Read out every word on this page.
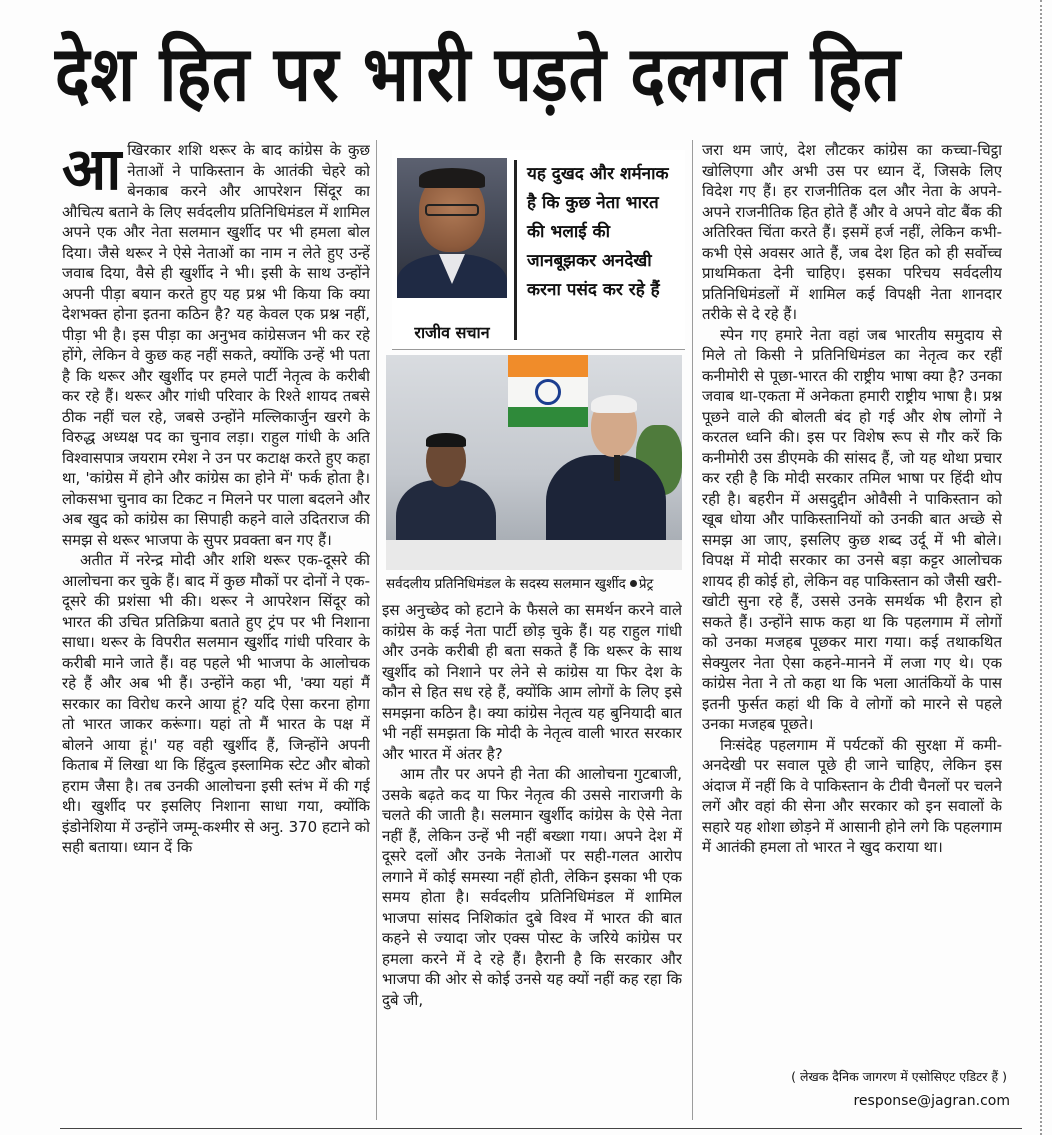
देश हित पर भारी पड़ते दलगत हित

आखिरकार शशि थरूर के बाद कांग्रेस के कुछ नेताओं ने पाकिस्तान के आतंकी चेहरे को बेनकाब करने और आपरेशन सिंदूर का औचित्य बताने के लिए सर्वदलीय प्रतिनिधिमंडल में शामिल अपने एक और नेता सलमान खुर्शीद पर भी हमला बोल दिया। जैसे थरूर ने ऐसे नेताओं का नाम न लेते हुए उन्हें जवाब दिया, वैसे ही खुर्शीद ने भी। इसी के साथ उन्होंने अपनी पीड़ा बयान करते हुए यह प्रश्न भी किया कि क्या देशभक्त होना इतना कठिन है? यह केवल एक प्रश्न नहीं, पीड़ा भी है। इस पीड़ा का अनुभव कांग्रेसजन भी कर रहे होंगे, लेकिन वे कुछ कह नहीं सकते, क्योंकि उन्हें भी पता है कि थरूर और खुर्शीद पर हमले पार्टी नेतृत्व के करीबी कर रहे हैं। थरूर और गांधी परिवार के रिश्ते शायद तबसे ठीक नहीं चल रहे, जबसे उन्होंने मल्लिकार्जुन खरगे के विरुद्ध अध्यक्ष पद का चुनाव लड़ा। राहुल गांधी के अति विश्वासपात्र जयराम रमेश ने उन पर कटाक्ष करते हुए कहा था, 'कांग्रेस में होने और कांग्रेस का होने में' फर्क होता है। लोकसभा चुनाव का टिकट न मिलने पर पाला बदलने और अब खुद को कांग्रेस का सिपाही कहने वाले उदितराज की समझ से थरूर भाजपा के सुपर प्रवक्ता बन गए हैं।

अतीत में नरेन्द्र मोदी और शशि थरूर एक-दूसरे की आलोचना कर चुके हैं। बाद में कुछ मौकों पर दोनों ने एक-दूसरे की प्रशंसा भी की। थरूर ने आपरेशन सिंदूर को भारत की उचित प्रतिक्रिया बताते हुए ट्रंप पर भी निशाना साधा। थरूर के विपरीत सलमान खुर्शीद गांधी परिवार के करीबी माने जाते हैं। वह पहले भी भाजपा के आलोचक रहे हैं और अब भी हैं। उन्होंने कहा भी, 'क्या यहां मैं सरकार का विरोध करने आया हूं? यदि ऐसा करना होगा तो भारत जाकर करूंगा। यहां तो मैं भारत के पक्ष में बोलने आया हूं।' यह वही खुर्शीद हैं, जिन्होंने अपनी किताब में लिखा था कि हिंदुत्व इस्लामिक स्टेट और बोको हराम जैसा है। तब उनकी आलोचना इसी स्तंभ में की गई थी। खुर्शीद पर इसलिए निशाना साधा गया, क्योंकि इंडोनेशिया में उन्होंने जम्मू-कश्मीर से अनु. 370 हटाने को सही बताया। ध्यान दें कि

राजीव सचान
यह दुखद और शर्मनाक है कि कुछ नेता भारत की भलाई की जानबूझकर अनदेखी करना पसंद कर रहे हैं
सर्वदलीय प्रतिनिधिमंडल के सदस्य सलमान खुर्शीद प्रेट्र

इस अनुच्छेद को हटाने के फैसले का समर्थन करने वाले कांग्रेस के कई नेता पार्टी छोड़ चुके हैं। यह राहुल गांधी और उनके करीबी ही बता सकते हैं कि थरूर के साथ खुर्शीद को निशाने पर लेने से कांग्रेस या फिर देश के कौन से हित सध रहे हैं, क्योंकि आम लोगों के लिए इसे समझना कठिन है। क्या कांग्रेस नेतृत्व यह बुनियादी बात भी नहीं समझता कि मोदी के नेतृत्व वाली भारत सरकार और भारत में अंतर है?

आम तौर पर अपने ही नेता की आलोचना गुटबाजी, उसके बढ़ते कद या फिर नेतृत्व की उससे नाराजगी के चलते की जाती है। सलमान खुर्शीद कांग्रेस के ऐसे नेता नहीं हैं, लेकिन उन्हें भी नहीं बख्शा गया। अपने देश में दूसरे दलों और उनके नेताओं पर सही-गलत आरोप लगाने में कोई समस्या नहीं होती, लेकिन इसका भी एक समय होता है। सर्वदलीय प्रतिनिधिमंडल में शामिल भाजपा सांसद निशिकांत दुबे विश्व में भारत की बात कहने से ज्यादा जोर एक्स पोस्ट के जरिये कांग्रेस पर हमला करने में दे रहे हैं। हैरानी है कि सरकार और भाजपा की ओर से कोई उनसे यह क्यों नहीं कह रहा कि दुबे जी,

जरा थम जाएं, देश लौटकर कांग्रेस का कच्चा-चिट्ठा खोलिएगा और अभी उस पर ध्यान दें, जिसके लिए विदेश गए हैं। हर राजनीतिक दल और नेता के अपने-अपने राजनीतिक हित होते हैं और वे अपने वोट बैंक की अतिरिक्त चिंता करते हैं। इसमें हर्ज नहीं, लेकिन कभी-कभी ऐसे अवसर आते हैं, जब देश हित को ही सर्वोच्च प्राथमिकता देनी चाहिए। इसका परिचय सर्वदलीय प्रतिनिधिमंडलों में शामिल कई विपक्षी नेता शानदार तरीके से दे रहे हैं।

स्पेन गए हमारे नेता वहां जब भारतीय समुदाय से मिले तो किसी ने प्रतिनिधिमंडल का नेतृत्व कर रहीं कनीमोरी से पूछा-भारत की राष्ट्रीय भाषा क्या है? उनका जवाब था-एकता में अनेकता हमारी राष्ट्रीय भाषा है। प्रश्न पूछने वाले की बोलती बंद हो गई और शेष लोगों ने करतल ध्वनि की। इस पर विशेष रूप से गौर करें कि कनीमोरी उस डीएमके की सांसद हैं, जो यह थोथा प्रचार कर रही है कि मोदी सरकार तमिल भाषा पर हिंदी थोप रही है। बहरीन में असदुद्दीन ओवैसी ने पाकिस्तान को खूब धोया और पाकिस्तानियों को उनकी बात अच्छे से समझ आ जाए, इसलिए कुछ शब्द उर्दू में भी बोले। विपक्ष में मोदी सरकार का उनसे बड़ा कट्टर आलोचक शायद ही कोई हो, लेकिन वह पाकिस्तान को जैसी खरी-खोटी सुना रहे हैं, उससे उनके समर्थक भी हैरान हो सकते हैं। उन्होंने साफ कहा था कि पहलगाम में लोगों को उनका मजहब पूछकर मारा गया। कई तथाकथित सेक्युलर नेता ऐसा कहने-मानने में लजा गए थे। एक कांग्रेस नेता ने तो कहा था कि भला आतंकियों के पास इतनी फुर्सत कहां थी कि वे लोगों को मारने से पहले उनका मजहब पूछते।

निःसंदेह पहलगाम में पर्यटकों की सुरक्षा में कमी-अनदेखी पर सवाल पूछे ही जाने चाहिए, लेकिन इस अंदाज में नहीं कि वे पाकिस्तान के टीवी चैनलों पर चलने लगें और वहां की सेना और सरकार को इन सवालों के सहारे यह शोशा छोड़ने में आसानी होने लगे कि पहलगाम में आतंकी हमला तो भारत ने खुद कराया था।

( लेखक दैनिक जागरण में एसोसिएट एडिटर हैं )
response@jagran.com
